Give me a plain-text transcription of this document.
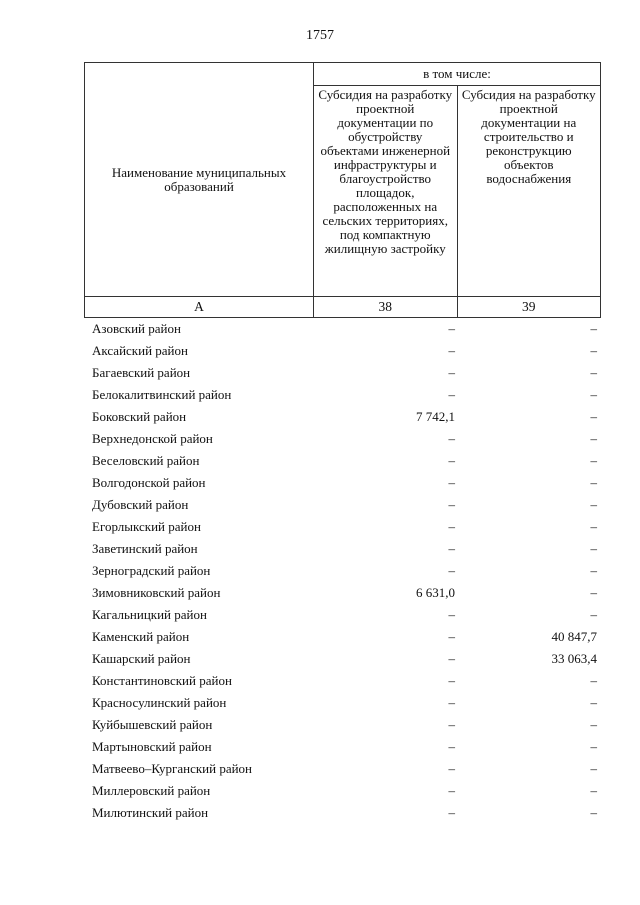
1757
Наименование муниципальных образований	в том числе:	
	Субсидия на разработку проектной документации по обустройству объектами инженерной инфраструктуры и благоустройство площадок, расположенных на сельских территориях, под компактную жилищную застройку	Субсидия на разработку проектной документации на строительство и реконструкцию объектов водоснабжения
А	38	39
Азовский район	–	–
Аксайский район	–	–
Багаевский район	–	–
Белокалитвинский район	–	–
Боковский район	7 742,1	–
Верхнедонской район	–	–
Веселовский район	–	–
Волгодонской район	–	–
Дубовский район	–	–
Егорлыкский район	–	–
Заветинский район	–	–
Зерноградский район	–	–
Зимовниковский район	6 631,0	–
Кагальницкий район	–	–
Каменский район	–	40 847,7
Кашарский район	–	33 063,4
Константиновский район	–	–
Красносулинский район	–	–
Куйбышевский район	–	–
Мартыновский район	–	–
Матвеево–Курганский район	–	–
Миллеровский район	–	–
Милютинский район	–	–
